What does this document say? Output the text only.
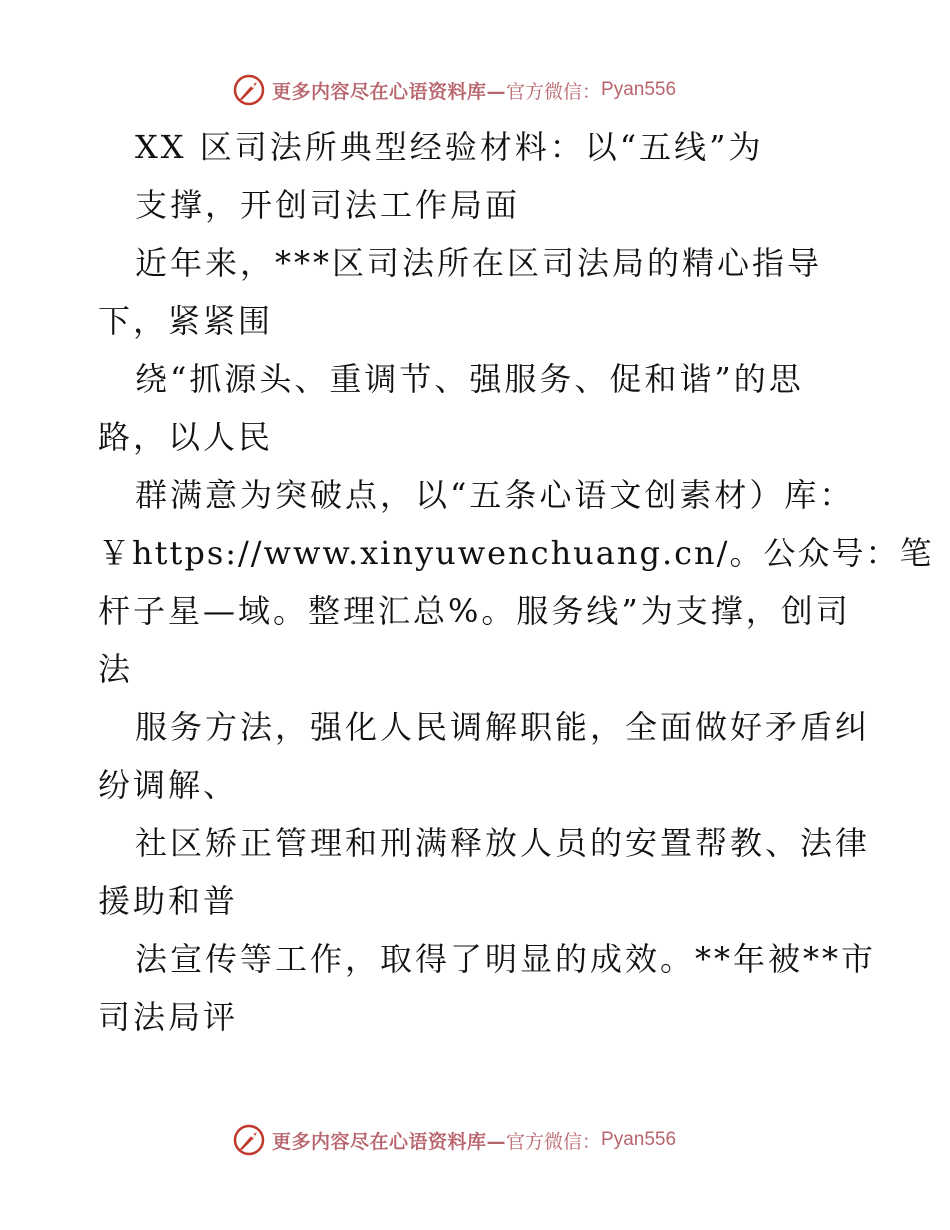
更多内容尽在心语资料库— 官方微信： Pyan556
XX 区司法所典型经验材料：以“五线”为
支撑，开创司法工作局面
近年来，***区司法所在区司法局的精心指导
下，紧紧围
绕“抓源头、重调节、强服务、促和谐”的思
路，以人民
群满意为突破点，以“五条心语文创素材）库：
￥https://www.xinyuwenchuang.cn/。公众号：笔
杆子星—域。整理汇总%。服务线”为支撑，创司
法
服务方法，强化人民调解职能，全面做好矛盾纠
纷调解、
社区矫正管理和刑满释放人员的安置帮教、法律
援助和普
法宣传等工作，取得了明显的成效。**年被**市
司法局评
更多内容尽在心语资料库— 官方微信： Pyan556
